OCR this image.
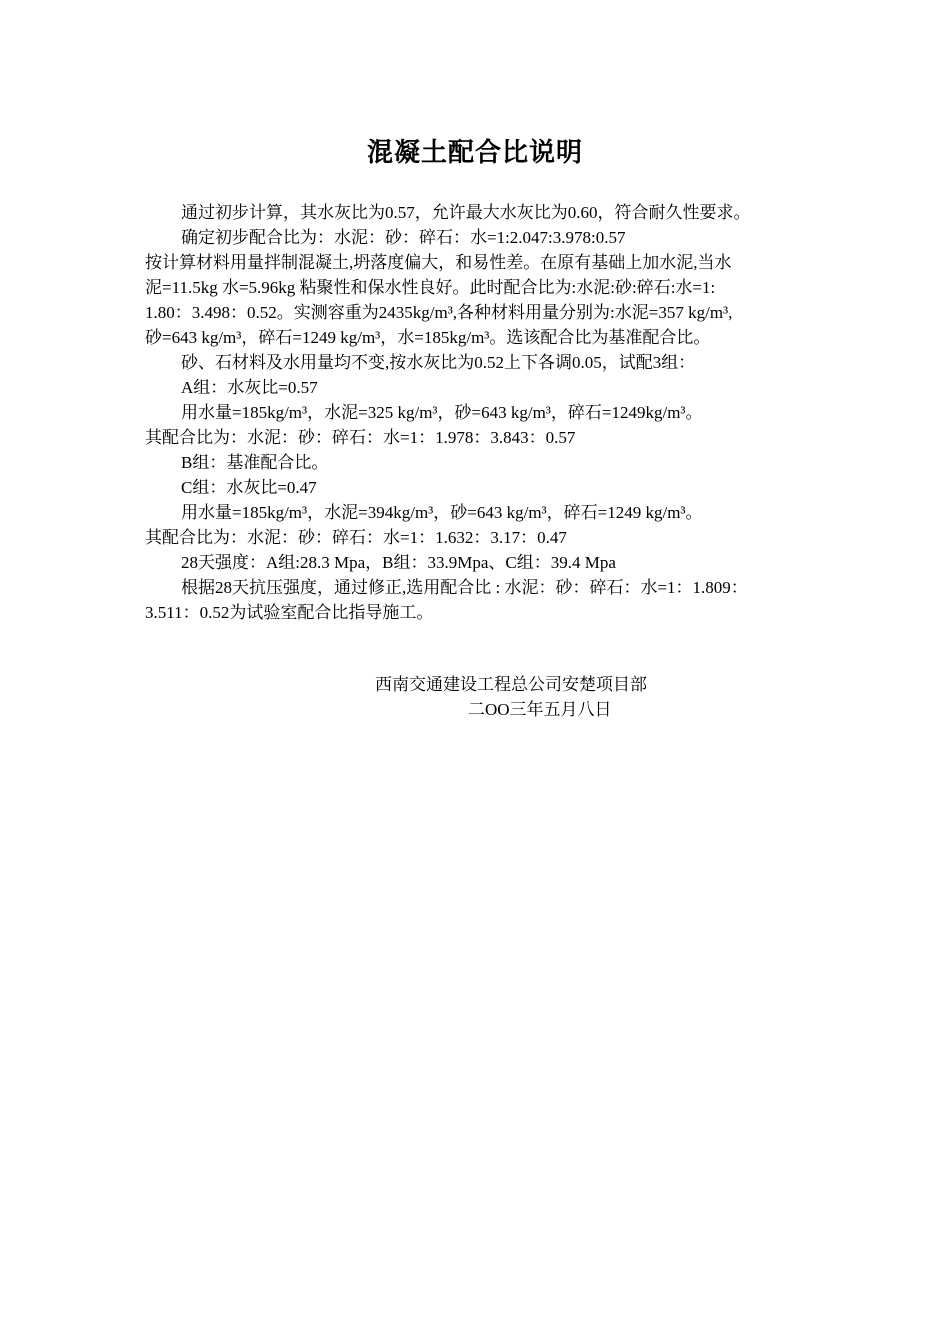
混凝土配合比说明
通过初步计算，其水灰比为0.57，允许最大水灰比为0.60，符合耐久性要求。
确定初步配合比为：水泥：砂：碎石：水=1:2.047:3.978:0.57
按计算材料用量拌制混凝土,坍落度偏大，和易性差。在原有基础上加水泥,当水
泥=11.5kg 水=5.96kg 粘聚性和保水性良好。此时配合比为:水泥:砂:碎石:水=1:
1.80：3.498：0.52。实测容重为2435kg/m³,各种材料用量分别为:水泥=357 kg/m³,
砂=643 kg/m³，碎石=1249 kg/m³，水=185kg/m³。选该配合比为基准配合比。
砂、石材料及水用量均不变,按水灰比为0.52上下各调0.05，试配3组：
A组：水灰比=0.57
用水量=185kg/m³，水泥=325 kg/m³，砂=643 kg/m³，碎石=1249kg/m³。
其配合比为：水泥：砂：碎石：水=1：1.978：3.843：0.57
B组：基准配合比。
C组：水灰比=0.47
用水量=185kg/m³，水泥=394kg/m³，砂=643 kg/m³，碎石=1249 kg/m³。
其配合比为：水泥：砂：碎石：水=1：1.632：3.17：0.47
28天强度：A组:28.3 Mpa，B组：33.9Mpa、C组：39.4 Mpa
根据28天抗压强度，通过修正,选用配合比 : 水泥：砂：碎石：水=1：1.809：
3.511：0.52为试验室配合比指导施工。
西南交通建设工程总公司安楚项目部
二OO三年五月八日
